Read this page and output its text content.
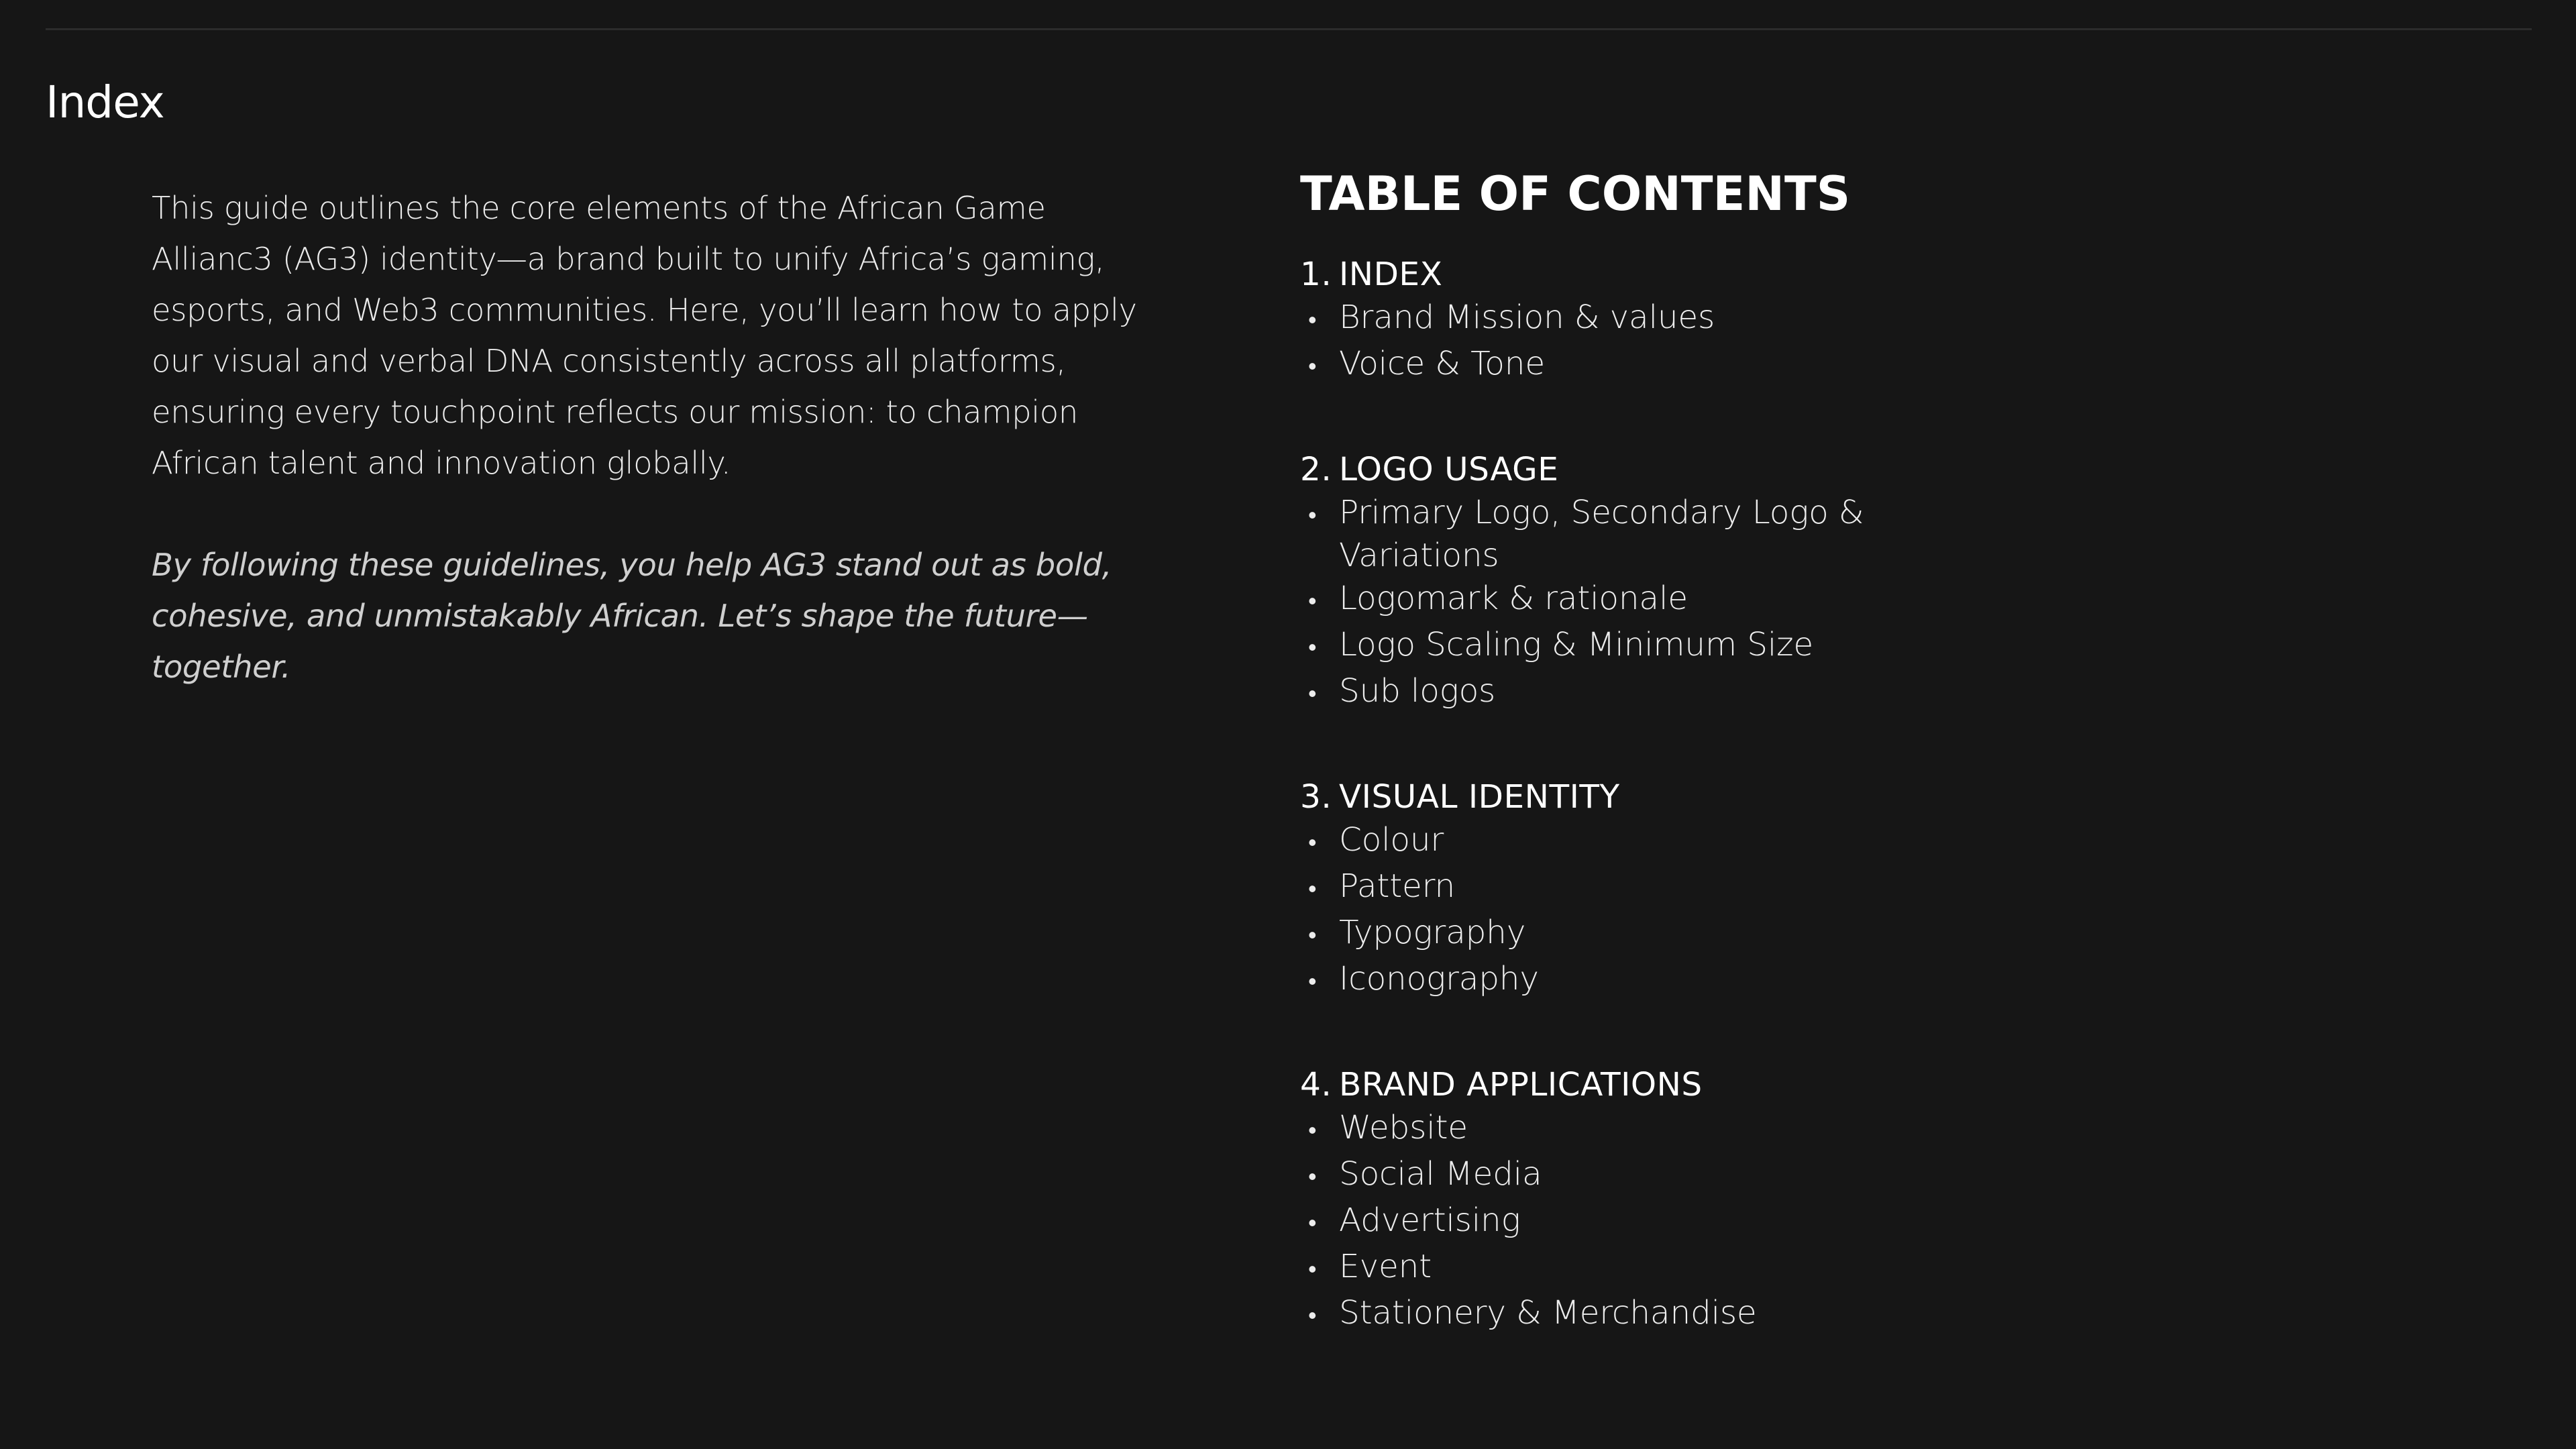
Index

This guide outlines the core elements of the African Game Allianc3 (AG3) identity—a brand built to unify Africa’s gaming, esports, and Web3 communities. Here, you’ll learn how to apply our visual and verbal DNA consistently across all platforms, ensuring every touchpoint reflects our mission: to champion African talent and innovation globally.

By following these guidelines, you help AG3 stand out as bold, cohesive, and unmistakably African. Let’s shape the future—together.

TABLE OF CONTENTS
1. INDEX
• Brand Mission & values
• Voice & Tone
2. LOGO USAGE
• Primary Logo, Secondary Logo & Variations
• Logomark & rationale
• Logo Scaling & Minimum Size
• Sub logos
3. VISUAL IDENTITY
• Colour
• Pattern
• Typography
• Iconography
4. BRAND APPLICATIONS
• Website
• Social Media
• Advertising
• Event
• Stationery & Merchandise
